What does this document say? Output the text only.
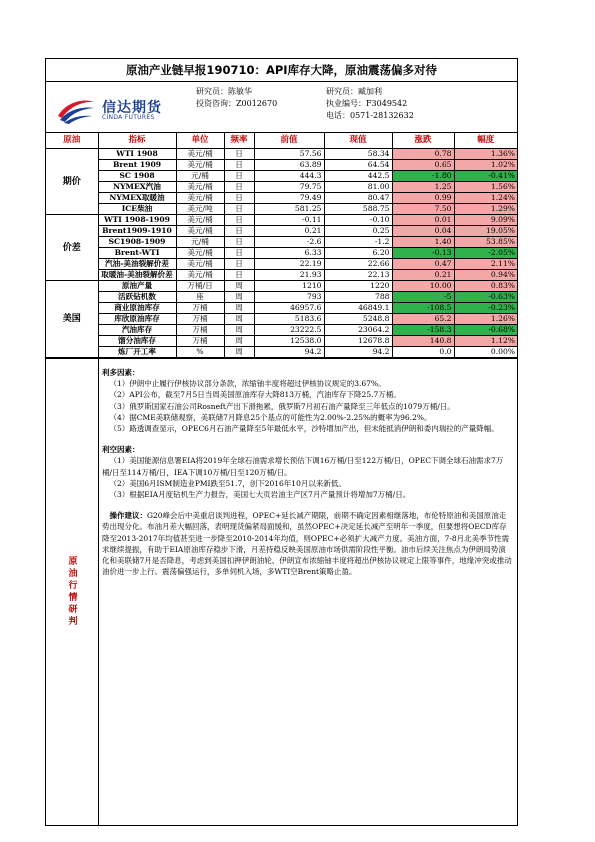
原油产业链早报190710：API库存大降，原油震荡偏多对待
信达期货
CINDA FUTURES
研究员：陈敏华
投资咨询：Z0012670
研究员：臧加利
执业编号：F3049542
电话：0571-28132632
原油	指标	单位	频率	前值	现值	涨跌	幅度
期价	WTI 1908	美元/桶	日	57.56	58.34	0.78	1.36%
	Brent 1909	美元/桶	日	63.89	64.54	0.65	1.02%
	SC 1908	元/桶	日	444.3	442.5	-1.80	-0.41%
	NYMEX汽油	美元/桶	日	79.75	81.00	1.25	1.56%
	NYMEX取暖油	美元/桶	日	79.49	80.47	0.99	1.24%
	ICE柴油	美元/吨	日	581.25	588.75	7.50	1.29%
价差	WTI 1908-1909	美元/桶	日	-0.11	-0.10	0.01	9.09%
	Brent1909-1910	美元/桶	日	0.21	0.25	0.04	19.05%
	SC1908-1909	元/桶	日	-2.6	-1.2	1.40	53.85%
	Brent-WTI	美元/桶	日	6.33	6.20	-0.13	-2.05%
	汽油-美油裂解价差	美元/桶	日	22.19	22.66	0.47	2.11%
	取暖油-美油裂解价差	美元/桶	日	21.93	22.13	0.21	0.94%
美国	原油产量	万桶/日	周	1210	1220	10.00	0.83%
	活跃钻机数	座	周	793	788	-5	-0.63%
	商业原油库存	万桶	周	46957.6	46849.1	-108.5	-0.23%
	库欣原油库存	万桶	周	5183.6	5248.8	65.2	1.26%
	汽油库存	万桶	周	23222.5	23064.2	-158.3	-0.68%
	馏分油库存	万桶	周	12538.0	12678.8	140.8	1.12%
	炼厂开工率	%	周	94.2	94.2	0.0	0.00%
原油行情研判

利多因素：

（1）伊朗中止履行伊核协议部分条款，浓缩铀丰度将超过伊核协议规定的3.67%。

（2）API公布，截至7月5日当周美国原油库存大降813万桶，汽油库存下降25.7万桶。

（3）俄罗斯国家石油公司Rosneft产出下滑拖累，俄罗斯7月初石油产量降至三年低点的1079万桶/日。

（4）据CME美联储观察，美联储7月降息25个基点的可能性为2.00%-2.25%的概率为96.2%。

（5）路透调查显示，OPEC6月石油产量降至5年最低水平，沙特增加产出，但未能抵消伊朗和委内瑞拉的产量降幅。

利空因素：

（1）美国能源信息署EIA将2019年全球石油需求增长预估下调16万桶/日至122万桶/日，OPEC下调全球石油需求7万桶/日至114万桶/日，IEA下调10万桶/日至120万桶/日。

（2）美国6月ISM制造业PMI跌至51.7，创下2016年10月以来新低。

（3）根据EIA月度钻机生产力报告，美国七大页岩油主产区7月产量预计将增加7万桶/日。

操作建议：G20峰会后中美重启谈判进程，OPEC+延长减产期限，前期不确定因素相继落地，布伦特原油和美国原油走势出现分化。布油月差大幅回落，表明现货偏紧局面缓和，虽然OPEC+决定延长减产至明年一季度，但要想将OECD库存降至2013-2017年均值甚至进一步降至2010-2014年均值，则OPEC+必须扩大减产力度。美油方面，7-8月北美季节性需求继续提振，有助于EIA原油库存稳步下滑，月差持稳反映美国原油市场供需阶段性平衡。油市后续关注焦点为伊朗局势演化和美联储7月是否降息，考虑到美国扣押伊朗油轮、伊朗宣布浓缩铀丰度将超出伊核协议规定上限等事件，地缘冲突或推动油价进一步上行。震荡偏强运行，多单伺机入场，多WTI空Brent策略止盈。
